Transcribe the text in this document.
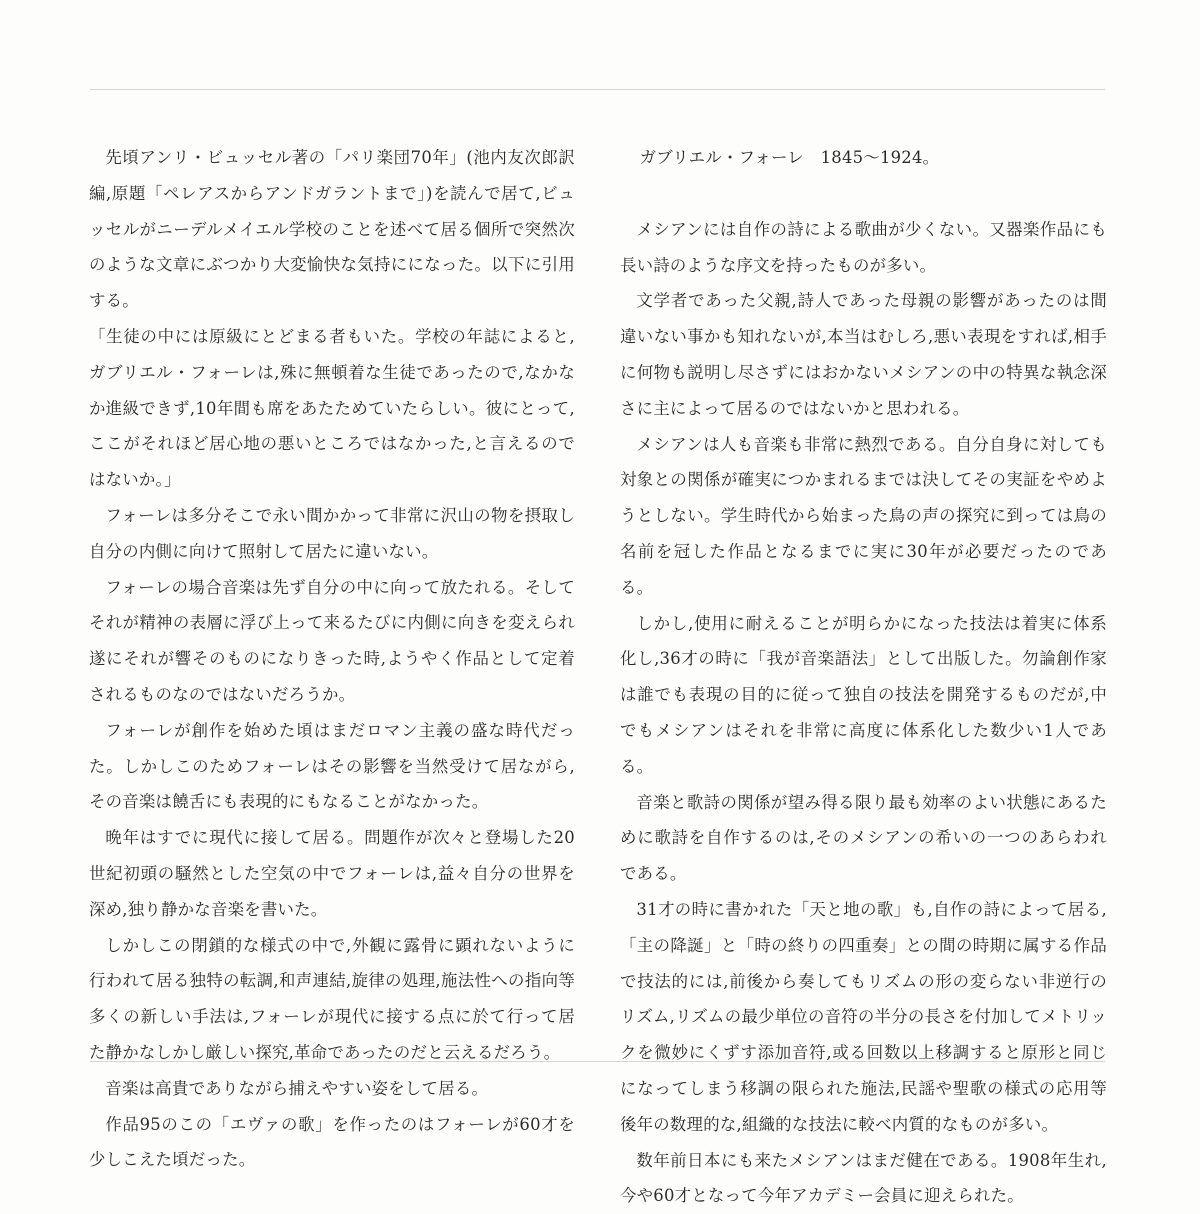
先頃アンリ・ビュッセル著の「パリ楽団70年」(池内友次郎訳編,原題「ペレアスからアンドガラントまで」)を読んで居て,ビュッセルがニーデルメイエル学校のことを述べて居る個所で突然次のような文章にぶつかり大変愉快な気持にになった。以下に引用する。

「生徒の中には原級にとどまる者もいた。学校の年誌によると,ガブリエル・フォーレは,殊に無頓着な生徒であったので,なかなか進級できず,10年間も席をあたためていたらしい。彼にとって,ここがそれほど居心地の悪いところではなかった,と言えるのではないか。」

フォーレは多分そこで永い間かかって非常に沢山の物を摂取し自分の内側に向けて照射して居たに違いない。

フォーレの場合音楽は先ず自分の中に向って放たれる。そしてそれが精神の表層に浮び上って来るたびに内側に向きを変えられ遂にそれが響そのものになりきった時,ようやく作品として定着されるものなのではないだろうか。

フォーレが創作を始めた頃はまだロマン主義の盛な時代だった。しかしこのためフォーレはその影響を当然受けて居ながら,その音楽は饒舌にも表現的にもなることがなかった。

晩年はすでに現代に接して居る。問題作が次々と登場した20世紀初頭の騒然とした空気の中でフォーレは,益々自分の世界を深め,独り静かな音楽を書いた。

しかしこの閉鎖的な様式の中で,外観に露骨に顕れないように行われて居る独特の転調,和声連結,旋律の処理,施法性への指向等多くの新しい手法は,フォーレが現代に接する点に於て行って居た静かなしかし厳しい探究,革命であったのだと云えるだろう。

音楽は高貴でありながら捕えやすい姿をして居る。

作品95のこの「エヴァの歌」を作ったのはフォーレが60才を少しこえた頃だった。

ガブリエル・フォーレ　1845～1924。

メシアンには自作の詩による歌曲が少くない。又器楽作品にも長い詩のような序文を持ったものが多い。

文学者であった父親,詩人であった母親の影響があったのは間違いない事かも知れないが,本当はむしろ,悪い表現をすれば,相手に何物も説明し尽さずにはおかないメシアンの中の特異な執念深さに主によって居るのではないかと思われる。

メシアンは人も音楽も非常に熱烈である。自分自身に対しても対象との関係が確実につかまれるまでは決してその実証をやめようとしない。学生時代から始まった鳥の声の探究に到っては鳥の名前を冠した作品となるまでに実に30年が必要だったのである。

しかし,使用に耐えることが明らかになった技法は着実に体系化し,36才の時に「我が音楽語法」として出版した。勿論創作家は誰でも表現の目的に従って独自の技法を開発するものだが,中でもメシアンはそれを非常に高度に体系化した数少い1人である。

音楽と歌詩の関係が望み得る限り最も効率のよい状態にあるために歌詩を自作するのは,そのメシアンの希いの一つのあらわれである。

31才の時に書かれた「天と地の歌」も,自作の詩によって居る,「主の降誕」と「時の終りの四重奏」との間の時期に属する作品で技法的には,前後から奏してもリズムの形の変らない非逆行のリズム,リズムの最少単位の音符の半分の長さを付加してメトリックを微妙にくずす添加音符,或る回数以上移調すると原形と同じになってしまう移調の限られた施法,民謡や聖歌の様式の応用等後年の数理的な,組織的な技法に較べ内質的なものが多い。

数年前日本にも来たメシアンはまだ健在である。1908年生れ,今や60才となって今年アカデミー会員に迎えられた。
